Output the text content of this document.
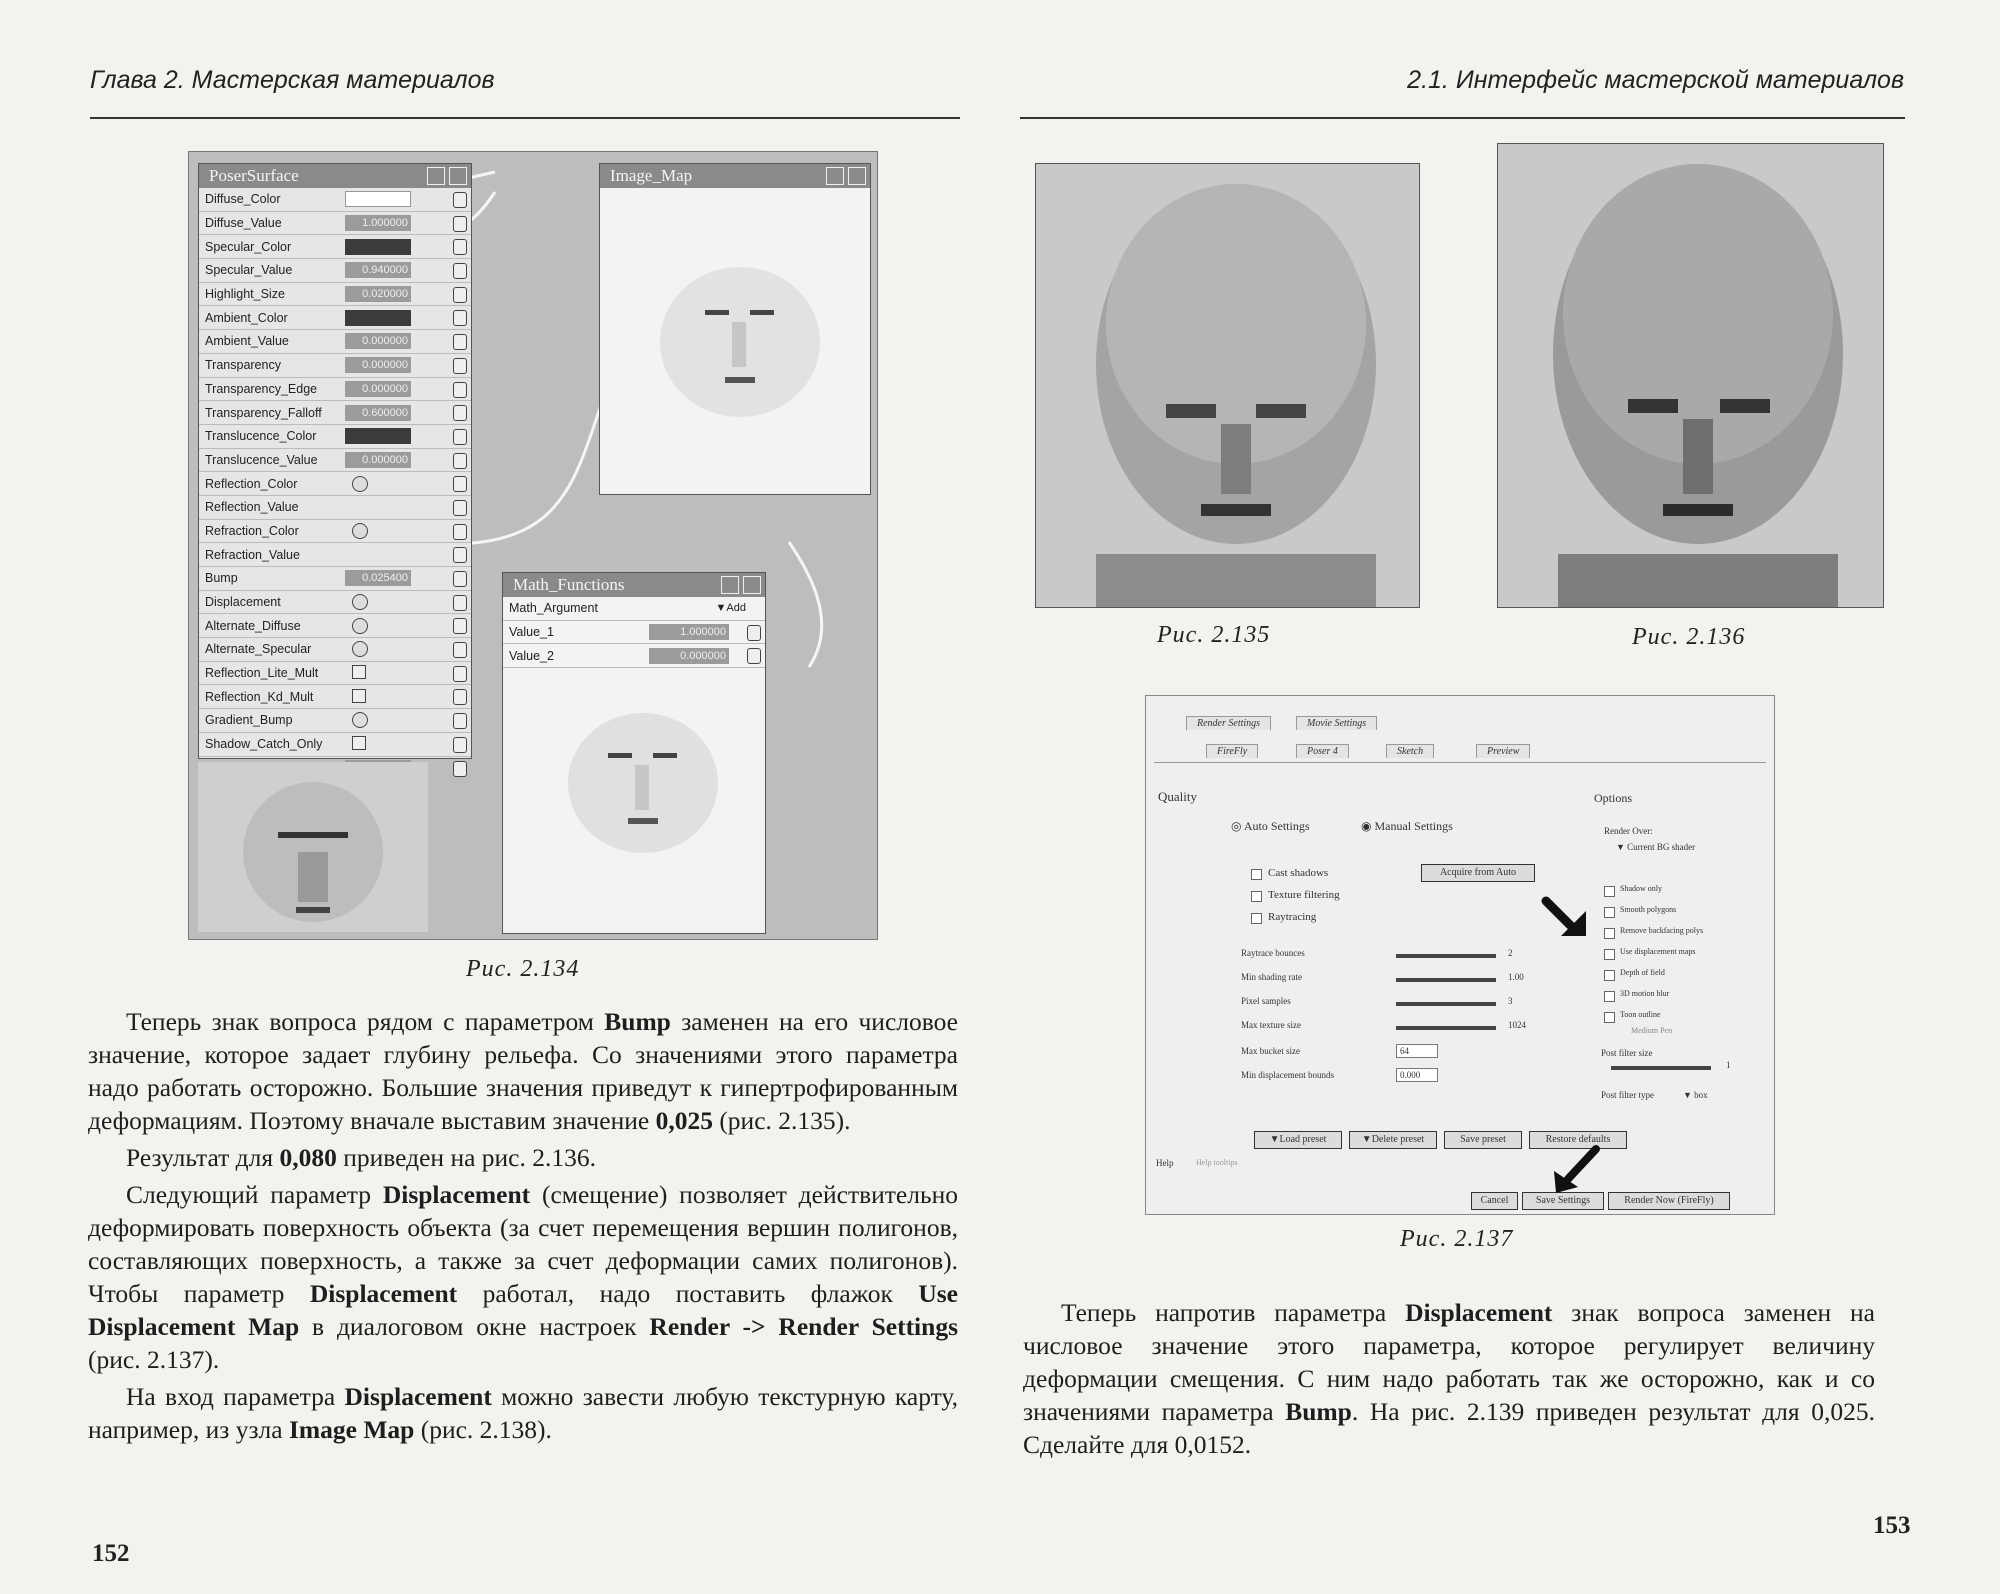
Глава 2. Мастерская материалов	2.1. Интерфейс мастерской материалов
PoserSurface
Diffuse_Color
Diffuse_Value	1.000000
Specular_Color
Specular_Value	0.940000
Highlight_Size	0.020000
Ambient_Color
Ambient_Value	0.000000
Transparency	0.000000
Transparency_Edge	0.000000
Transparency_Falloff	0.600000
Translucence_Color
Translucence_Value	0.000000
Reflection_Color
Reflection_Value
Refraction_Color
Refraction_Value
Bump	0.025400
Displacement
Alternate_Diffuse
Alternate_Specular
Reflection_Lite_Mult
Reflection_Kd_Mult
Gradient_Bump
Shadow_Catch_Only
Image_Map
Math_Functions
Math_Argument	▼Add
Value_1	1.000000
Value_2	0.000000
Рис. 2.134
Рис. 2.135	Рис. 2.136
Render Settings	Movie Settings
FireFly	Poser 4	Sketch	Preview
Quality	Options
◎ Auto Settings	◉ Manual Settings
Cast shadows
Texture filtering
Raytracing
Acquire from Auto
Raytrace bounces	2
Min shading rate	1.00
Pixel samples	3
Max texture size	1024
Max bucket size	64
Min displacement bounds	0.000
Render Over:
▼ Current BG shader
Shadow only
Smooth polygons
Remove backfacing polys
Use displacement maps
Depth of field
3D motion blur
Toon outline
Medium Pen
Post filter size
1
Post filter type	▼ box
▼Load preset	▼Delete preset	Save preset	Restore defaults
Help	Help tooltips
Cancel	Save Settings	Render Now (FireFly)
Рис. 2.137

Теперь знак вопроса рядом с параметром Bump заменен на его числовое значение, которое задает глубину рельефа. Со значениями этого параметра надо работать осторожно. Большие значения приведут к гипертрофированным деформациям. Поэтому вначале выставим значение 0,025 (рис. 2.135).

Результат для 0,080 приведен на рис. 2.136.

Следующий параметр Displacement (смещение) позволяет действительно деформировать поверхность объекта (за счет перемещения вершин полигонов, составляющих поверхность, а также за счет деформации самих полигонов). Чтобы параметр Displacement работал, надо поставить флажок Use Displacement Map в диалоговом окне настроек Render -> Render Settings (рис. 2.137).

На вход параметра Displacement можно завести любую текстурную карту, например, из узла Image Map (рис. 2.138).

Теперь напротив параметра Displacement знак вопроса заменен на числовое значение этого параметра, которое регулирует величину деформации смещения. С ним надо работать так же осторожно, как и со значениями параметра Bump. На рис. 2.139 приведен результат для 0,025. Сделайте для 0,0152.

152
153
